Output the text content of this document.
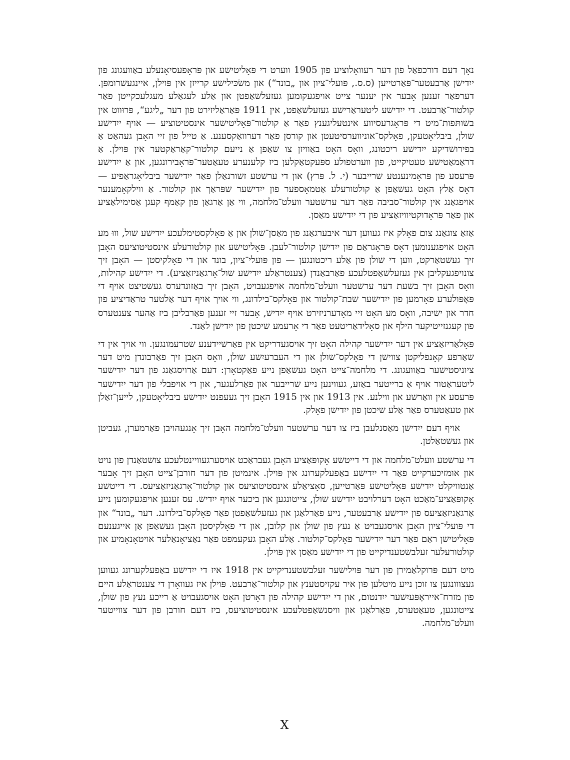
נאָך דעם דורכפאַל פון דער רעוואָלוציע פון 1905 ווערט די פּאָליטישע און פּראָפעסיאָנעלע באַוועגונג פון ייִדישן אַרבעטער־פּאַרטייען (ס.ס., פּועלי־ציון און „בונד“) און משׂכּילישע קרייזן אין פּוילן, איינגעשרומפּן. דערפאַר זענען אָבער אין יענער צייט אויפגעקומען געזעלשאַפטן און אַלע לעגאַלע מעגלעכקייטן פאַר קולטור־אַרבעט. די ייִדישע ליטעראַרישע געזעלשאַפט, אין 1911 פּאַראַליזירט פון דער „ליגע“, פּרוּווט אין בשותּפות־מיט די פּראָגרעסיווע אינטעליגענץ פאַר אַ קולטור־פּאָליטישער אינסטיטוציע — אויף ייִדישע שולן, ביבליאָטעקן, פאָלקס־אוניווערסיטעטן און קורסן פאַר דערוואַקסענע. אַ טייל פון זיי האָבן געהאַט אַ בפירושדיקע ייִדישע ריכטונג, וואָס האָט באַוויזן צו שאַפן אַ נייעם קולטור־קאַראַקטער אין פּוילן. אַ דראַמאַטישע טעטיקייט, פון ווערטפולע ספּעקטאַקלען ביז קלענערע טעאַטער־פּראָבירונגען, און אַ ייִדישע פּרעסע פון פּראָמינענטע שרייבער (י. ל. פּרץ) און די ערשטע זשורנאַלן פאַר ייִדישער ביבליאָגראַפיע — דאָס אַלץ האָט געשאַפן אַ קולטורעלע אַטמאָספער פון ייִדישער שפּראַך און קולטור. אַ ווילקאָמענער אויפגאַנג אין קולטור־סביבה פאַר דער ערשטער וועלט־מלחמה, ווי אַן אַרגאַן פון קאַמף קעגן אַסימילאַציע און פאַר פּראָדוקטיוויזאַציע פון די ייִדישע מאַסן.

אַזאַ צוגאַנג צום פאָלק איז געווען דער איבערגאַנג פון מאַסן־שולן און אַ פאָלקסטימלעכע ייִדישע שול, וווּ מע האָט אויפגענומען דאָס פּראָגראַם פון ייִדישן קולטור־לעבן. פּאָליטישע און קולטורעלע אינסטיטוציעס האָבן זיך געשטאַרקט, ווען די שולן פון אַלע ריכטונגען — פון פּועלי־ציון, בונד און די פאָלקיסטן — האָבן זיך צונויפגעקליבן אין געזעלשאַפטלעכע פאַרבאַנדן (צענטראַלע ייִדישע שול־אָרגאַניזאַציע). די ייִדישע קהילות, וואָס האָבן זיך בשעת דער ערשטער וועלט־מלחמה אויפגעבויט, האָבן זיך באַזונדערס געשטיצט אויף די פּאָפּולערע פאָרמען פון ייִדישער שבת־קולטור און פאָלקס־בילדונג, ווי אויך אויף דער אַלטער טראַדיציע פון חדר און ישיבה, וואָס מע האָט זיי מאָדערניזירט אויף ייִדיש, אָבער זיי זענען פאַרבליבן ביז אַהער צענטערס פון קעגנזייטיקער הילף און סאָלידאַריטעט פאַר די אָרעמע שיכטן פון ייִדישן לאַנד.

פּאָלאַריזאַציע אין דער ייִדישער קהילה האָט זיך אויסגעדריקט אין פאַרשיידענע שטרעמונגען. ווי אויך אין די שאַרפע קאָנפליקטן צווישן די פאָלקס־שולן און די העברעיִשע שולן, וואָס האָבן זיך פאַרבונדן מיט דער ציוניסטישער באַוועגונג. די מלחמה־צייט האָט געשאַפן נייע פאַקטאָרן: דעם אַרויסגאַנג פון דער ייִדישער ליטעראַטור אויף אַ ברייטער באַזע, געווינען נייע שרייבער און פאַרלעגער, און די אויפבלי פון דער ייִדישער פּרעסע אין וואַרשע און ווילנע. אין 1913 און אין 1915 האָבן זיך געעפנט ייִדישע ביבליאָטעקן, לייען־זאַלן און טעאַטערס פאַר אַלע שיכטן פון ייִדישן פאָלק.

אויף דעם ייִדישן מאַסנלעבן ביז צו דער ערשטער וועלט־מלחמה האָבן זיך אָנגעהויבן פאַרמערן, געביטן און געשטאַלטן.

די ערשטע וועלט־מלחמה און די דייטשע אָקופּאַציע האָבן געבראַכט אויסערגעוויינטלעכע צושטאַנדן פון נויט און אומזיכערקייט פאַר די ייִדישע באַפעלקערונג אין פּוילן. אינמיטן פון דער חורבן־צייט האָבן זיך אָבער אַנטוויקלט ייִדישע פּאָליטישע פּאַרטייען, סאָציאַלע אינסטיטוציעס און קולטור־אָרגאַניזאַציעס. די דייטשע אָקופּאַציע־מאַכט האָט דערלויבט ייִדישע שולן, צייטונגען און ביכער אויף ייִדיש. עס זענען אויפגעקומען נייע אַרגאַניזאַציעס פון ייִדישע אַרבעטער, נייע פאַרלאַגן און געזעלשאַפטן פאַר פאָלקס־בילדונג. דער „בונד“ און די פּועלי־ציון האָבן אויסגעבויט אַ נעץ פון שולן און קלובן, און די פאָלקיסטן האָבן געשאַפן אַן אייגענעם פּאָליטישן ראַם פאַר דער ייִדישער פאָלקס־קולטור. אַלע האָבן געקעמפט פאַר נאַציאָנאַלער אויטאָנאָמיע און קולטורעלער זעלבשטענדיקייט פון די ייִדישע מאַסן אין פּוילן.

מיט דעם פּרוקלאַמירן פון דער פּוילישער זעלבשטענדיקייט אין 1918 איז די ייִדישע באַפעלקערונג געווען געצווונגען צו זוכן נייע מיטלען פון איר עקזיסטענץ און קולטור־אַרבעט. פּוילן איז געוואָרן די צענטראַלע היים פון מזרח־אייראָפּעיִשער ייִדנטום, און די ייִדישע קהילה פון דאָרטן האָט אויסגעבויט אַ רייכע נעץ פון שולן, צייטונגען, טעאַטערס, פאַרלאַגן און וויסנשאַפטלעכע אינסטיטוציעס, ביז דעם חורבן פון דער צווייטער וועלט־מלחמה.

X
